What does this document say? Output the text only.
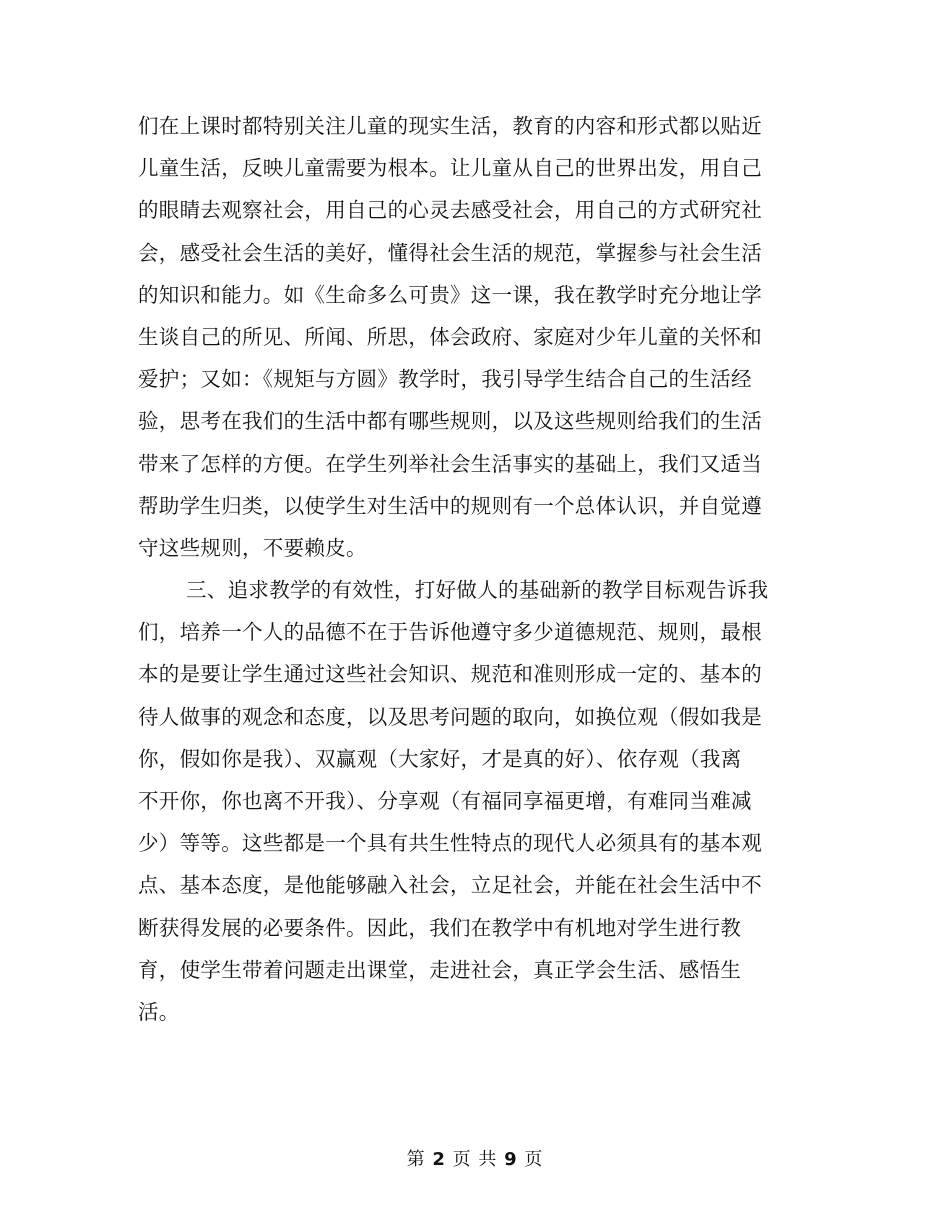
们在上课时都特别关注儿童的现实生活，教育的内容和形式都以贴近
儿童生活，反映儿童需要为根本。让儿童从自己的世界出发，用自己
的眼睛去观察社会，用自己的心灵去感受社会，用自己的方式研究社
会，感受社会生活的美好，懂得社会生活的规范，掌握参与社会生活
的知识和能力。如《生命多么可贵》这一课，我在教学时充分地让学
生谈自己的所见、所闻、所思，体会政府、家庭对少年儿童的关怀和
爱护；又如：《规矩与方圆》教学时，我引导学生结合自己的生活经
验，思考在我们的生活中都有哪些规则，以及这些规则给我们的生活
带来了怎样的方便。在学生列举社会生活事实的基础上，我们又适当
帮助学生归类，以使学生对生活中的规则有一个总体认识，并自觉遵
守这些规则，不要赖皮。
三、追求教学的有效性，打好做人的基础新的教学目标观告诉我
们，培养一个人的品德不在于告诉他遵守多少道德规范、规则，最根
本的是要让学生通过这些社会知识、规范和准则形成一定的、基本的
待人做事的观念和态度，以及思考问题的取向，如换位观（假如我是
你，假如你是我）、双赢观（大家好，才是真的好）、依存观（我离
不开你，你也离不开我）、分享观（有福同享福更增，有难同当难减
少）等等。这些都是一个具有共生性特点的现代人必须具有的基本观
点、基本态度，是他能够融入社会，立足社会，并能在社会生活中不
断获得发展的必要条件。因此，我们在教学中有机地对学生进行教
育，使学生带着问题走出课堂，走进社会，真正学会生活、感悟生
活。
第 2 页 共 9 页
